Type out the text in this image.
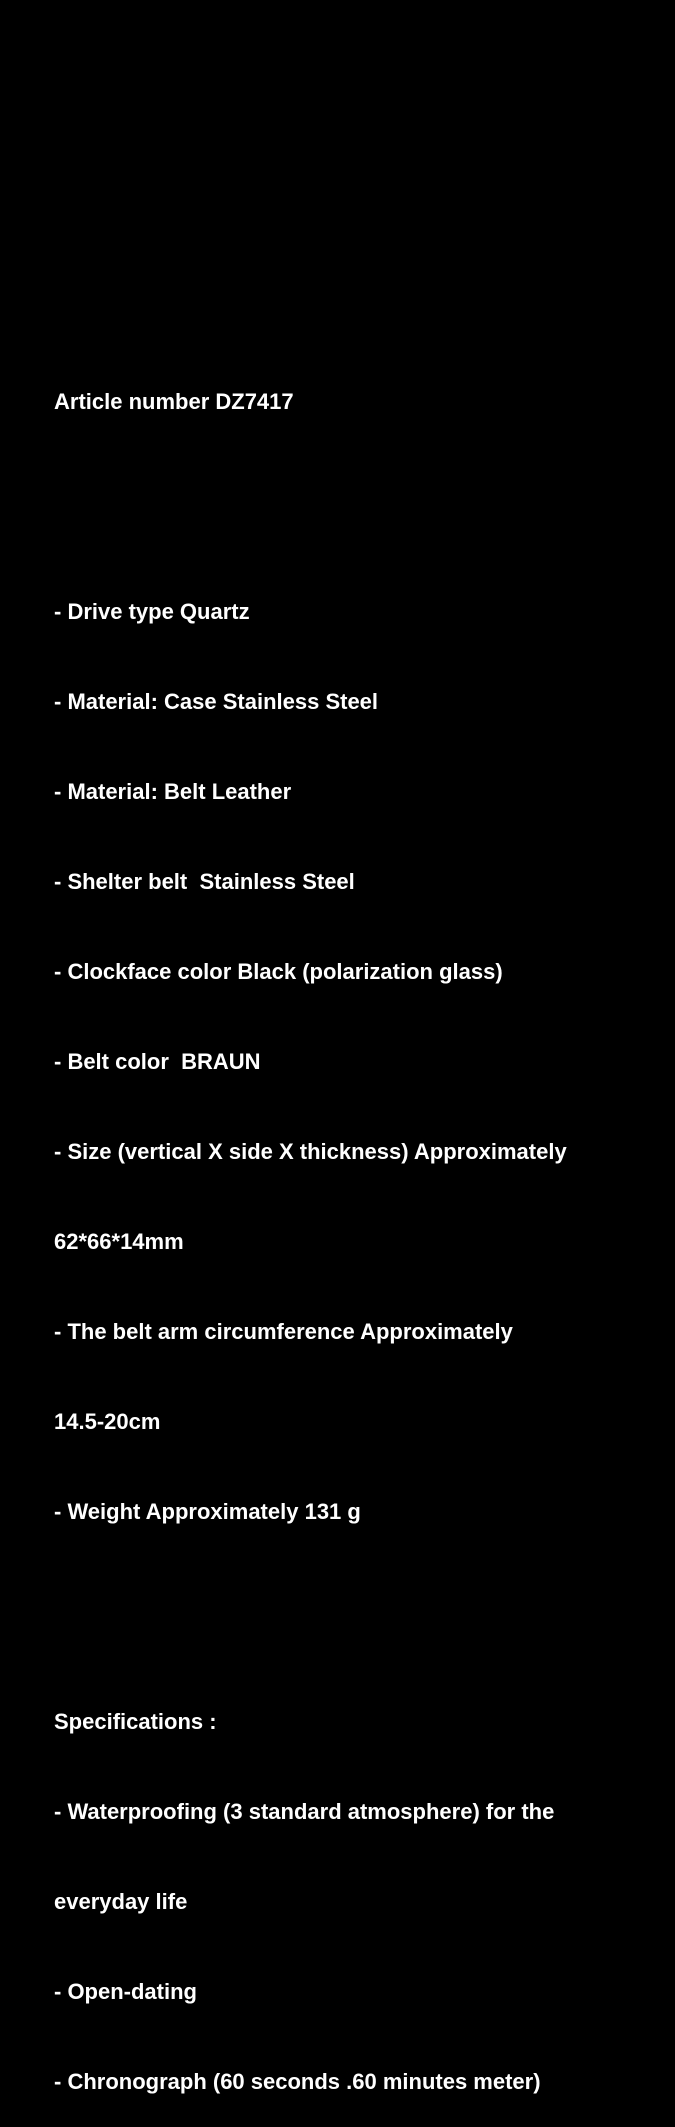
Article number DZ7417

- Drive type Quartz

- Material: Case Stainless Steel

- Material: Belt Leather

- Shelter belt  Stainless Steel

- Clockface color Black (polarization glass)

- Belt color  BRAUN

- Size (vertical X side X thickness) Approximately

62*66*14mm

- The belt arm circumference Approximately

14.5-20cm

- Weight Approximately 131 g

Specifications :

- Waterproofing (3 standard atmosphere) for the

everyday life

- Open-dating

- Chronograph (60 seconds .60 minutes meter)
